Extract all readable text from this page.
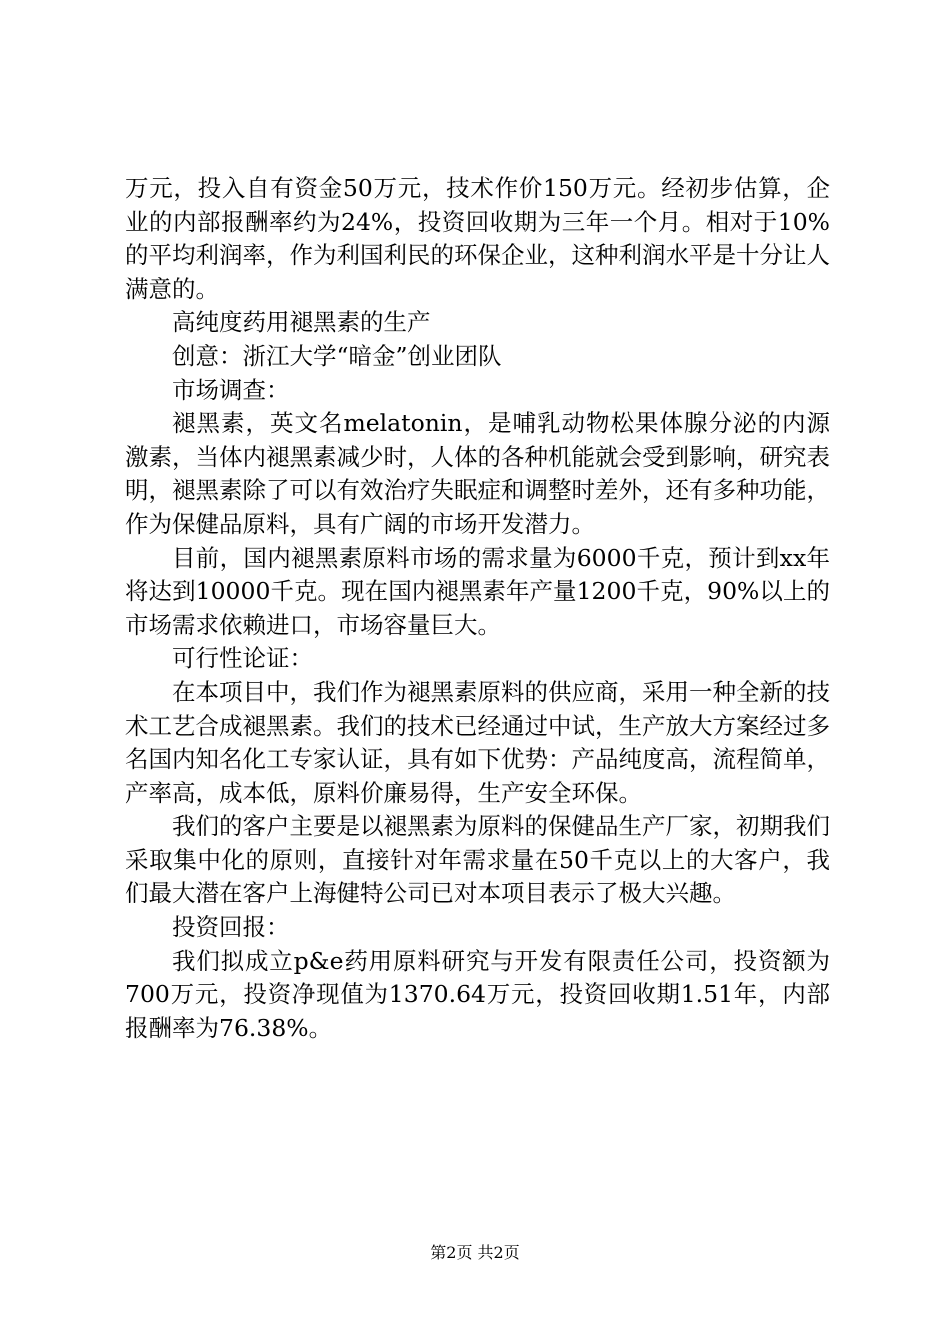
万元，投入自有资金50万元，技术作价150万元。经初步估算，企业的内部报酬率约为24%，投资回收期为三年一个月。相对于10%的平均利润率，作为利国利民的环保企业，这种利润水平是十分让人满意的。

高纯度药用褪黑素的生产

创意：浙江大学“暗金”创业团队

市场调查：

褪黑素，英文名melatonin，是哺乳动物松果体腺分泌的内源激素，当体内褪黑素减少时，人体的各种机能就会受到影响，研究表明，褪黑素除了可以有效治疗失眠症和调整时差外，还有多种功能，作为保健品原料，具有广阔的市场开发潜力。

目前，国内褪黑素原料市场的需求量为6000千克，预计到xx年将达到10000千克。现在国内褪黑素年产量1200千克，90%以上的市场需求依赖进口，市场容量巨大。

可行性论证：

在本项目中，我们作为褪黑素原料的供应商，采用一种全新的技术工艺合成褪黑素。我们的技术已经通过中试，生产放大方案经过多名国内知名化工专家认证，具有如下优势：产品纯度高，流程简单，产率高，成本低，原料价廉易得，生产安全环保。

我们的客户主要是以褪黑素为原料的保健品生产厂家，初期我们采取集中化的原则，直接针对年需求量在50千克以上的大客户，我们最大潜在客户上海健特公司已对本项目表示了极大兴趣。

投资回报：

我们拟成立p&e药用原料研究与开发有限责任公司，投资额为700万元，投资净现值为1370.64万元，投资回收期1.51年，内部报酬率为76.38%。

第2页 共2页
